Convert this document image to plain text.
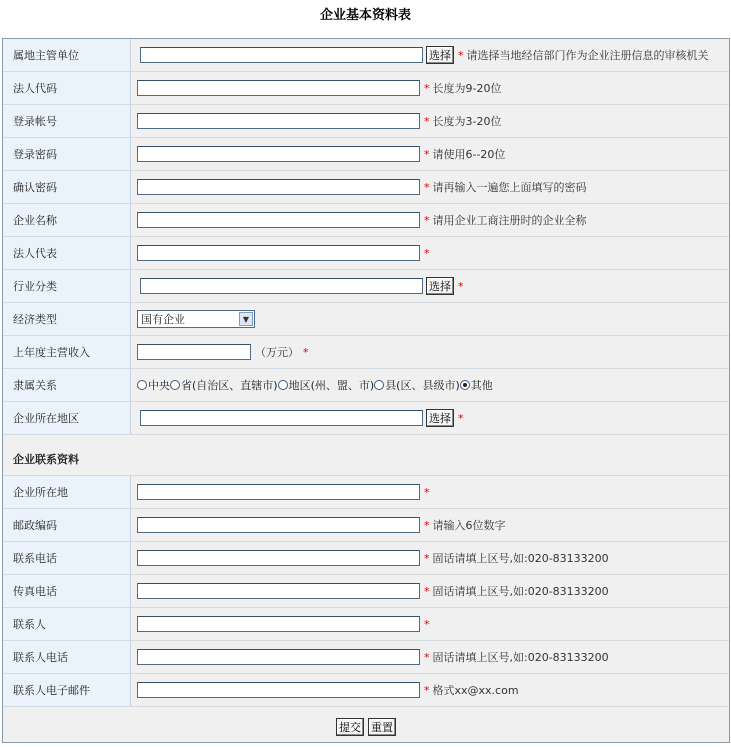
企业基本资料表
属地主管单位	选择 * 请选择当地经信部门作为企业注册信息的审核机关
法人代码	* 长度为9-20位
登录帐号	* 长度为3-20位
登录密码	* 请使用6--20位
确认密码	* 请再输入一遍您上面填写的密码
企业名称	* 请用企业工商注册时的企业全称
法人代表	*
行业分类	选择 *
经济类型	国有企业	▼
上年度主营收入	（万元） *
隶属关系	中央 省(自治区、直辖市) 地区(州、盟、市) 县(区、县级市) 其他
企业所在地区	选择 *
企业联系资料
企业所在地	*
邮政编码	* 请输入6位数字
联系电话	* 固话请填上区号,如:020-83133200
传真电话	* 固话请填上区号,如:020-83133200
联系人	*
联系人电话	* 固话请填上区号,如:020-83133200
联系人电子邮件	* 格式xx@xx.com
提交 重置
